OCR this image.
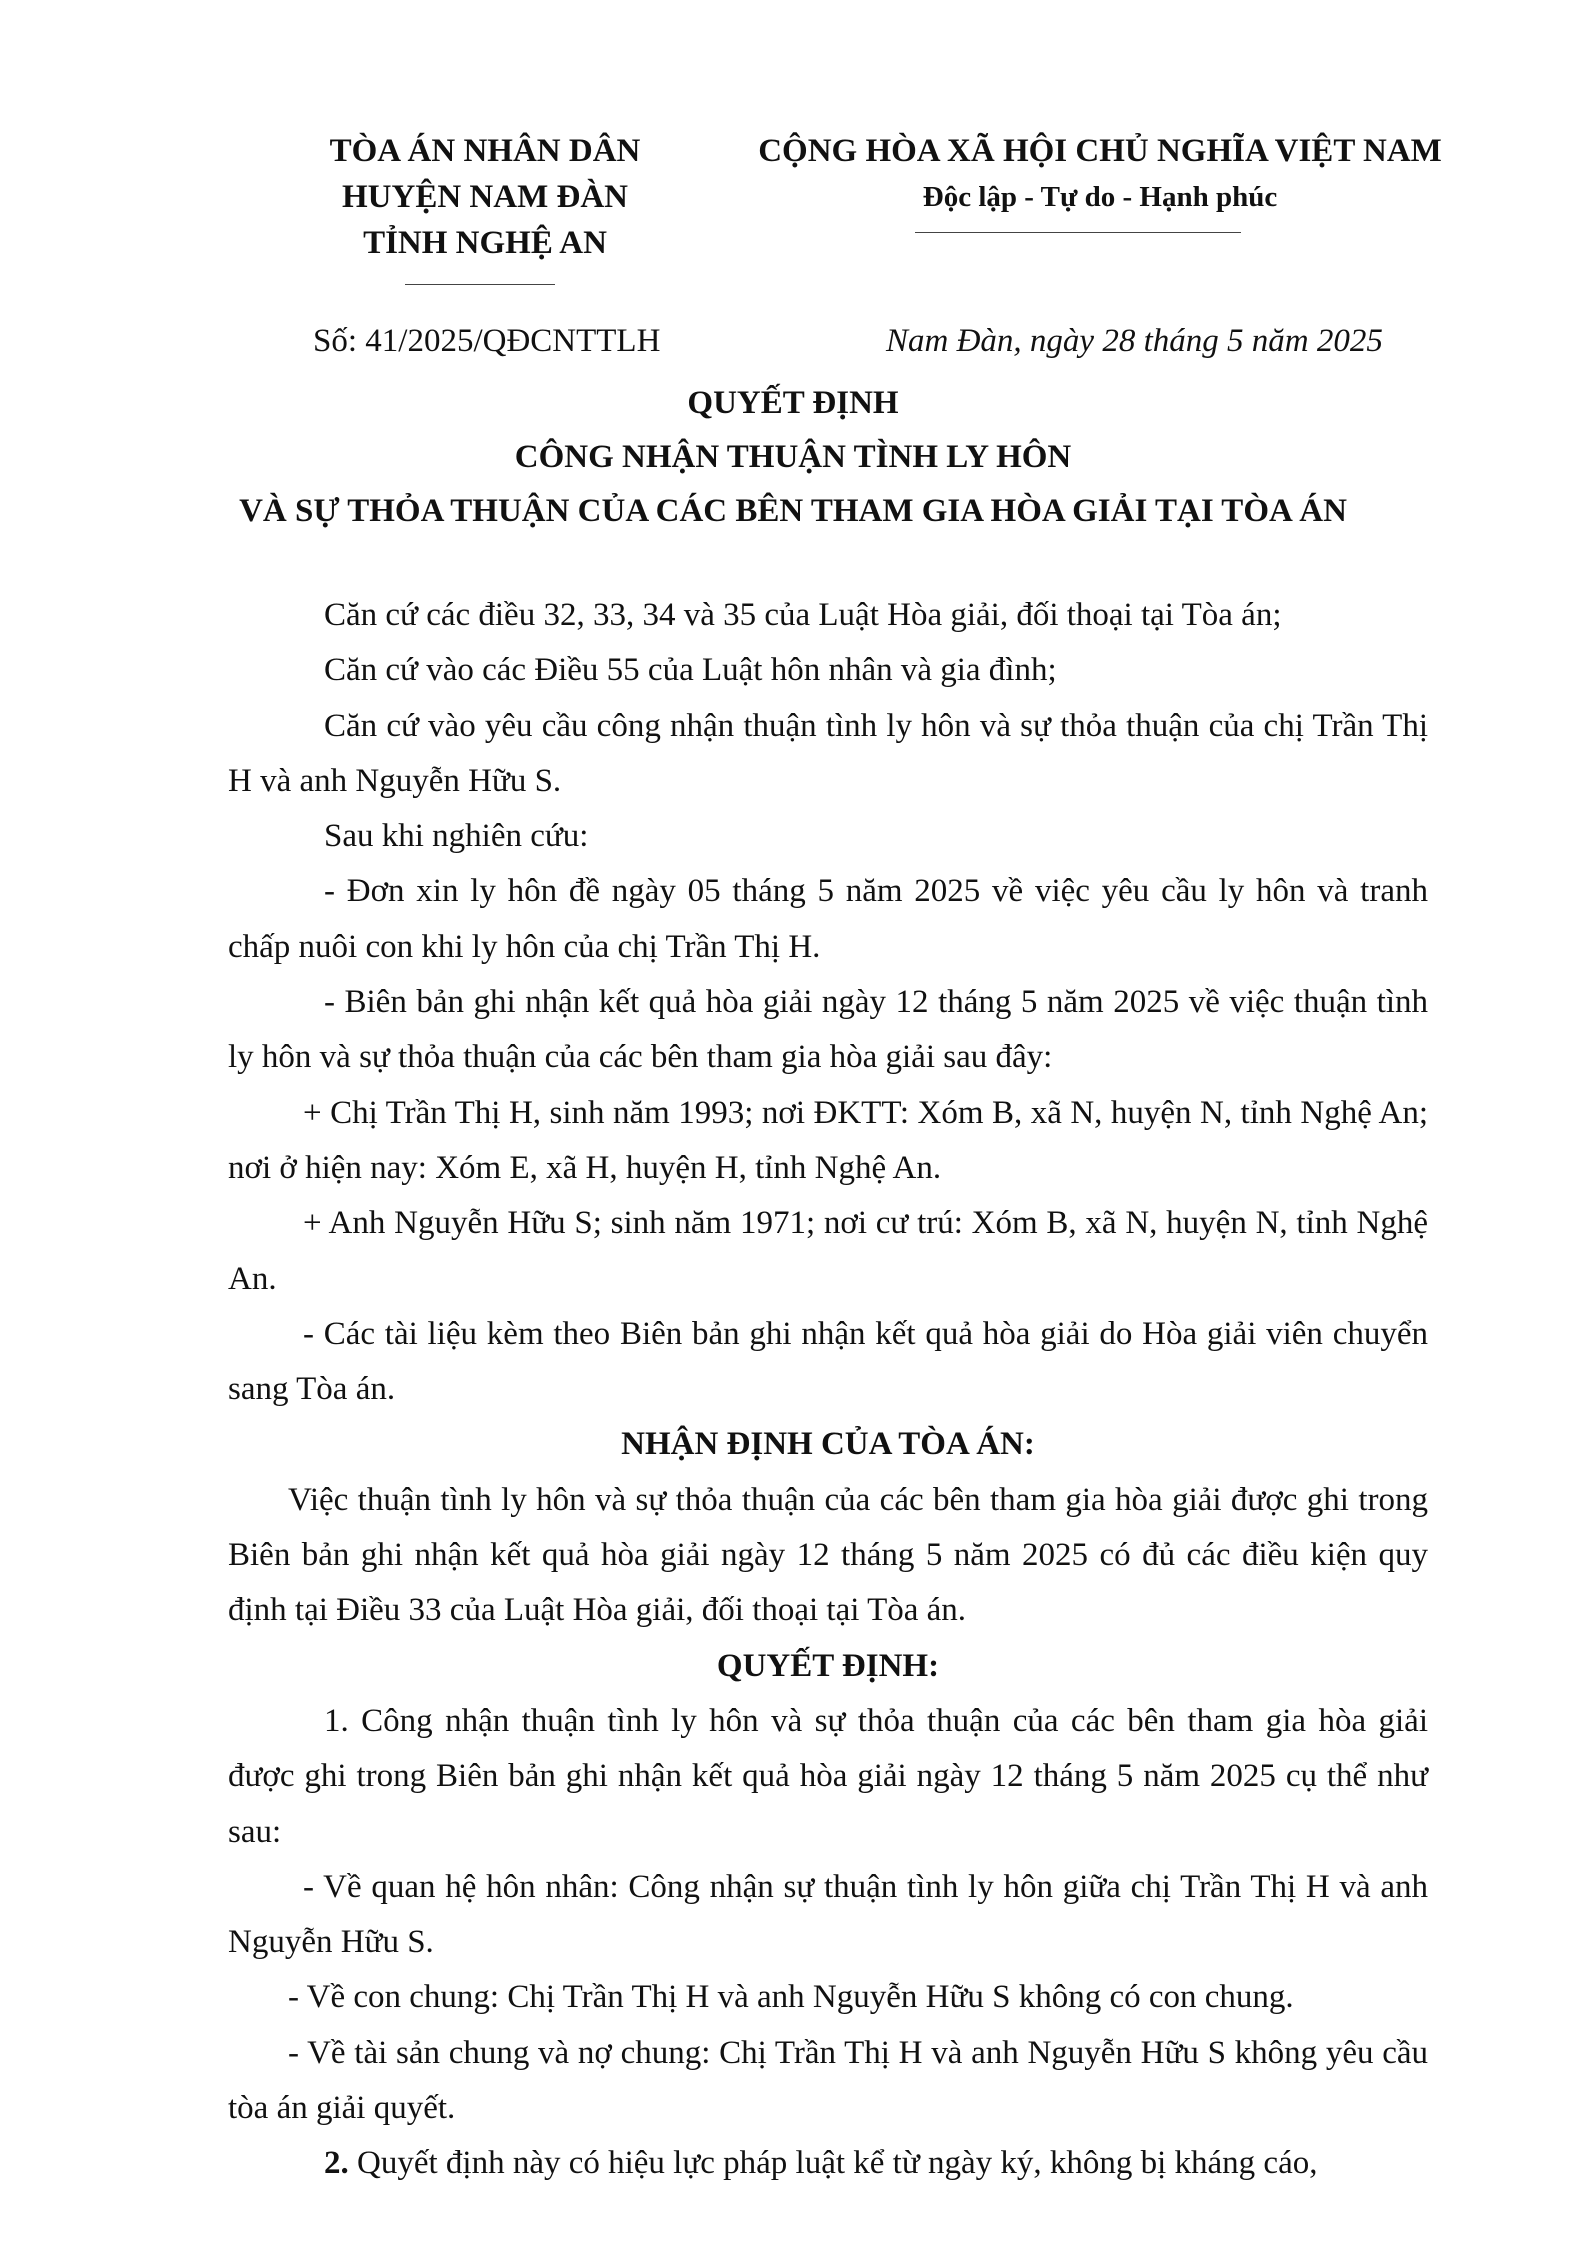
TÒA ÁN NHÂN DÂN
HUYỆN NAM ĐÀN
TỈNH NGHỆ AN
CỘNG HÒA XÃ HỘI CHỦ NGHĨA VIỆT NAM
Độc lập - Tự do - Hạnh phúc
Số: 41/2025/QĐCNTTLH	Nam Đàn, ngày 28 tháng 5 năm 2025
QUYẾT ĐỊNH
CÔNG NHẬN THUẬN TÌNH LY HÔN
VÀ SỰ THỎA THUẬN CỦA CÁC BÊN THAM GIA HÒA GIẢI TẠI TÒA ÁN

Căn cứ các điều 32, 33, 34 và 35 của Luật Hòa giải, đối thoại tại Tòa án;

Căn cứ vào các Điều 55 của Luật hôn nhân và gia đình;

Căn cứ vào yêu cầu công nhận thuận tình ly hôn và sự thỏa thuận của chị Trần Thị H và anh Nguyễn Hữu S.

Sau khi nghiên cứu:

- Đơn xin ly hôn đề ngày 05 tháng 5 năm 2025 về việc yêu cầu ly hôn và tranh chấp nuôi con khi ly hôn của chị Trần Thị H.

- Biên bản ghi nhận kết quả hòa giải ngày 12 tháng 5 năm 2025 về việc thuận tình ly hôn và sự thỏa thuận của các bên tham gia hòa giải sau đây:

+ Chị Trần Thị H, sinh năm 1993; nơi ĐKTT: Xóm B, xã N, huyện N, tỉnh Nghệ An; nơi ở hiện nay: Xóm E, xã H, huyện H, tỉnh Nghệ An.

+ Anh Nguyễn Hữu S; sinh năm 1971; nơi cư trú: Xóm B, xã N, huyện N, tỉnh Nghệ An.

- Các tài liệu kèm theo Biên bản ghi nhận kết quả hòa giải do Hòa giải viên chuyển sang Tòa án.

NHẬN ĐỊNH CỦA TÒA ÁN:

Việc thuận tình ly hôn và sự thỏa thuận của các bên tham gia hòa giải được ghi trong Biên bản ghi nhận kết quả hòa giải ngày 12 tháng 5 năm 2025 có đủ các điều kiện quy định tại Điều 33 của Luật Hòa giải, đối thoại tại Tòa án.

QUYẾT ĐỊNH:

1. Công nhận thuận tình ly hôn và sự thỏa thuận của các bên tham gia hòa giải được ghi trong Biên bản ghi nhận kết quả hòa giải ngày 12 tháng 5 năm 2025 cụ thể như sau:

- Về quan hệ hôn nhân: Công nhận sự thuận tình ly hôn giữa chị Trần Thị H và anh Nguyễn Hữu S.

- Về con chung: Chị Trần Thị H và anh Nguyễn Hữu S không có con chung.

- Về tài sản chung và nợ chung: Chị Trần Thị H và anh Nguyễn Hữu S không yêu cầu tòa án giải quyết.

2. Quyết định này có hiệu lực pháp luật kể từ ngày ký, không bị kháng cáo,
